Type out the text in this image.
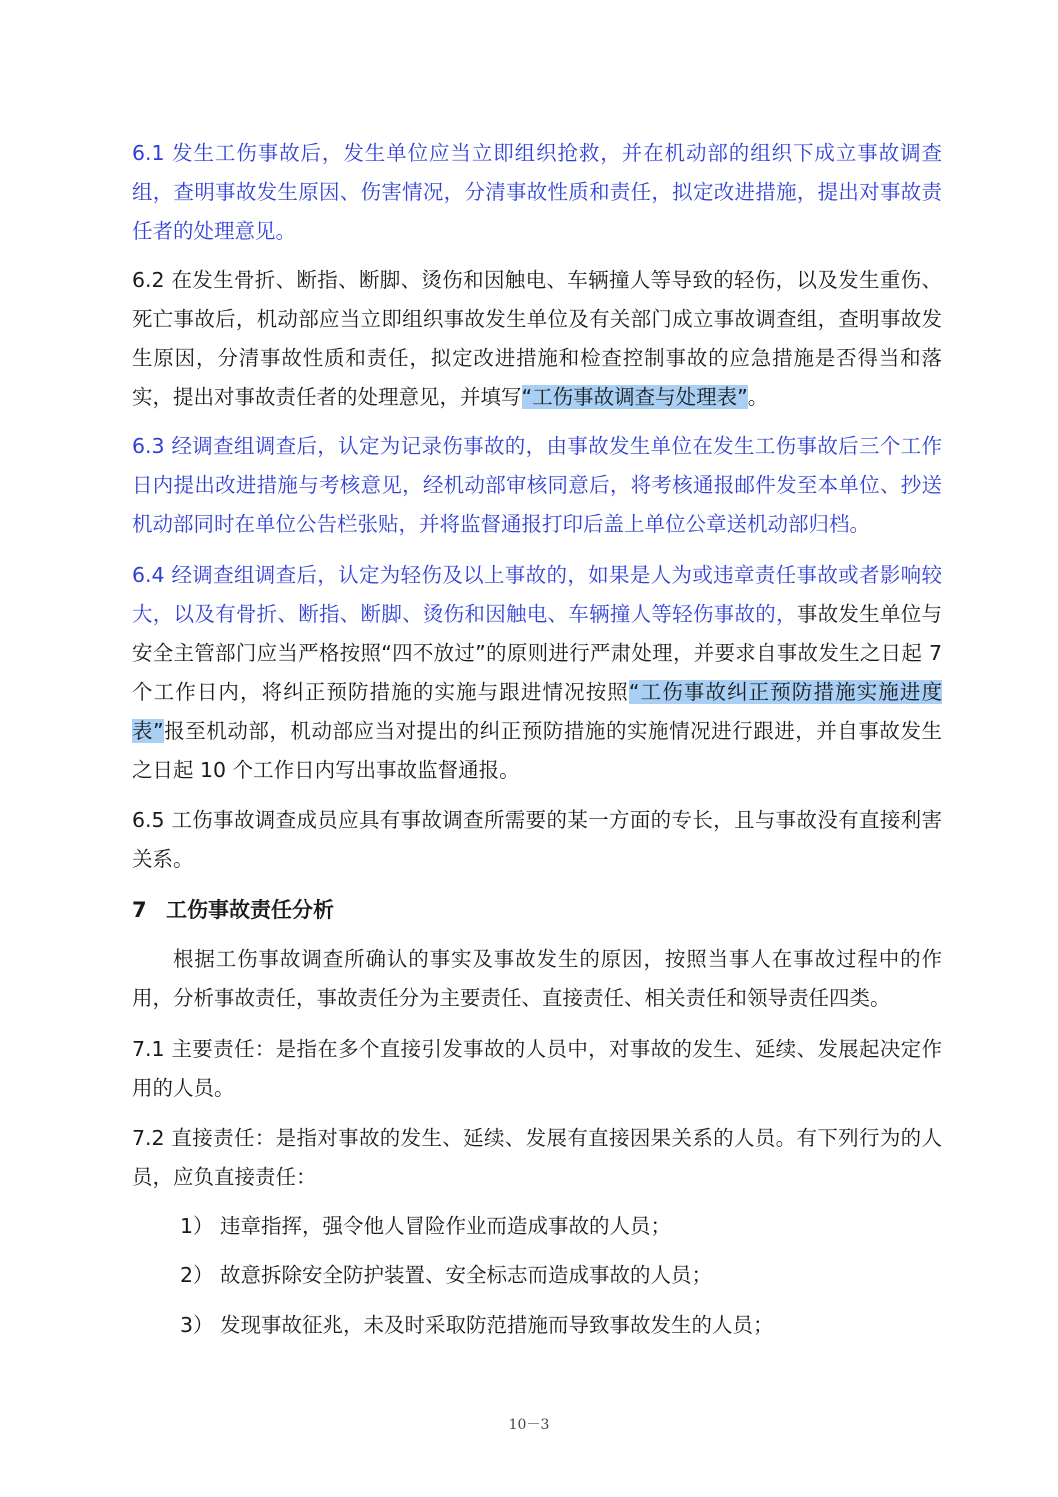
6.1 发生工伤事故后，发生单位应当立即组织抢救，并在机动部的组织下成立事故调查组，查明事故发生原因、伤害情况，分清事故性质和责任，拟定改进措施，提出对事故责任者的处理意见。

6.2 在发生骨折、断指、断脚、烫伤和因触电、车辆撞人等导致的轻伤，以及发生重伤、死亡事故后，机动部应当立即组织事故发生单位及有关部门成立事故调查组，查明事故发生原因，分清事故性质和责任，拟定改进措施和检查控制事故的应急措施是否得当和落实，提出对事故责任者的处理意见，并填写“工伤事故调查与处理表”。

6.3 经调查组调查后，认定为记录伤事故的，由事故发生单位在发生工伤事故后三个工作日内提出改进措施与考核意见，经机动部审核同意后，将考核通报邮件发至本单位、抄送机动部同时在单位公告栏张贴，并将监督通报打印后盖上单位公章送机动部归档。

6.4 经调查组调查后，认定为轻伤及以上事故的，如果是人为或违章责任事故或者影响较大，以及有骨折、断指、断脚、烫伤和因触电、车辆撞人等轻伤事故的，事故发生单位与安全主管部门应当严格按照“四不放过”的原则进行严肃处理，并要求自事故发生之日起 7 个工作日内，将纠正预防措施的实施与跟进情况按照“工伤事故纠正预防措施实施进度表”报至机动部，机动部应当对提出的纠正预防措施的实施情况进行跟进，并自事故发生之日起 10 个工作日内写出事故监督通报。

6.5 工伤事故调查成员应具有事故调查所需要的某一方面的专长，且与事故没有直接利害关系。

7 工伤事故责任分析

根据工伤事故调查所确认的事实及事故发生的原因，按照当事人在事故过程中的作用，分析事故责任，事故责任分为主要责任、直接责任、相关责任和领导责任四类。

7.1 主要责任：是指在多个直接引发事故的人员中，对事故的发生、延续、发展起决定作用的人员。

7.2 直接责任：是指对事故的发生、延续、发展有直接因果关系的人员。有下列行为的人员，应负直接责任：

1） 违章指挥，强令他人冒险作业而造成事故的人员；

2） 故意拆除安全防护装置、安全标志而造成事故的人员；

3） 发现事故征兆，未及时采取防范措施而导致事故发生的人员；

10－3
